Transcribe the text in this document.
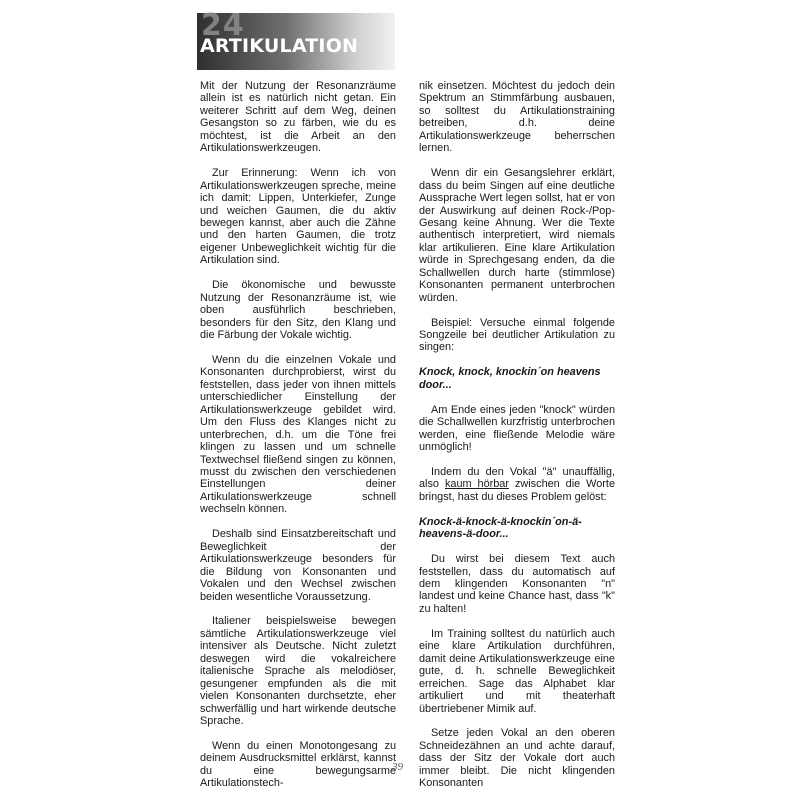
24
ARTIKULATION

Mit der Nutzung der Resonanzräume allein ist es natürlich nicht getan. Ein weiterer Schritt auf dem Weg, deinen Gesangston so zu färben, wie du es möchtest, ist die Arbeit an den Artikulationswerkzeugen.

Zur Erinnerung: Wenn ich von Artikulationswerkzeugen spreche, meine ich damit: Lippen, Unterkiefer, Zunge und weichen Gaumen, die du aktiv bewegen kannst, aber auch die Zähne und den harten Gaumen, die trotz eigener Unbeweglichkeit wichtig für die Artikulation sind.

Die ökonomische und bewusste Nutzung der Resonanzräume ist, wie oben ausführlich beschrieben, besonders für den Sitz, den Klang und die Färbung der Vokale wichtig.

Wenn du die einzelnen Vokale und Konsonanten durchprobierst, wirst du feststellen, dass jeder von ihnen mittels unterschiedlicher Einstellung der Artikulationswerkzeuge gebildet wird. Um den Fluss des Klanges nicht zu unterbrechen, d.h. um die Töne frei klingen zu lassen und um schnelle Textwechsel fließend singen zu können, musst du zwischen den verschiedenen Einstellungen deiner Artikulationswerkzeuge schnell wechseln können.

Deshalb sind Einsatzbereitschaft und Beweglichkeit der Artikulationswerkzeuge besonders für die Bildung von Konsonanten und Vokalen und den Wechsel zwischen beiden wesentliche Voraussetzung.

Italiener beispielsweise bewegen sämtliche Artikulationswerkzeuge viel intensiver als Deutsche. Nicht zuletzt deswegen wird die vokalreichere italienische Sprache als melodiöser, gesungener empfunden als die mit vielen Konsonanten durchsetzte, eher schwerfällig und hart wirkende deutsche Sprache.

Wenn du einen Monotongesang zu deinem Ausdrucksmittel erklärst, kannst du eine bewegungsarme Artikulationstech-

nik einsetzen. Möchtest du jedoch dein Spektrum an Stimmfärbung ausbauen, so solltest du Artikulationstraining betreiben, d.h. deine Artikulationswerkzeuge beherrschen lernen.

Wenn dir ein Gesangslehrer erklärt, dass du beim Singen auf eine deutliche Aussprache Wert legen sollst, hat er von der Auswirkung auf deinen Rock-/Pop-Gesang keine Ahnung. Wer die Texte authentisch interpretiert, wird niemals klar artikulieren. Eine klare Artikulation würde in Sprechgesang enden, da die Schallwellen durch harte (stimmlose) Konsonanten permanent unterbrochen würden.

Beispiel: Versuche einmal folgende Songzeile bei deutlicher Artikulation zu singen:

Knock, knock, knockin´on heavens door...

Am Ende eines jeden "knock" würden die Schallwellen kurzfristig unterbrochen werden, eine fließende Melodie wäre unmöglich!

Indem du den Vokal "ä" unauffällig, also kaum hörbar zwischen die Worte bringst, hast du dieses Problem gelöst:

Knock-ä-knock-ä-knockin´on-ä-heavens-ä-door...

Du wirst bei diesem Text auch feststellen, dass du automatisch auf dem klingenden Konsonanten "n" landest und keine Chance hast, dass "k" zu halten!

Im Training solltest du natürlich auch eine klare Artikulation durchführen, damit deine Artikulationswerkzeuge eine gute, d. h. schnelle Beweglichkeit erreichen. Sage das Alphabet klar artikuliert und mit theaterhaft übertriebener Mimik auf.

Setze jeden Vokal an den oberen Schneidezähnen an und achte darauf, dass der Sitz der Vokale dort auch immer bleibt. Die nicht klingenden Konsonanten

39
